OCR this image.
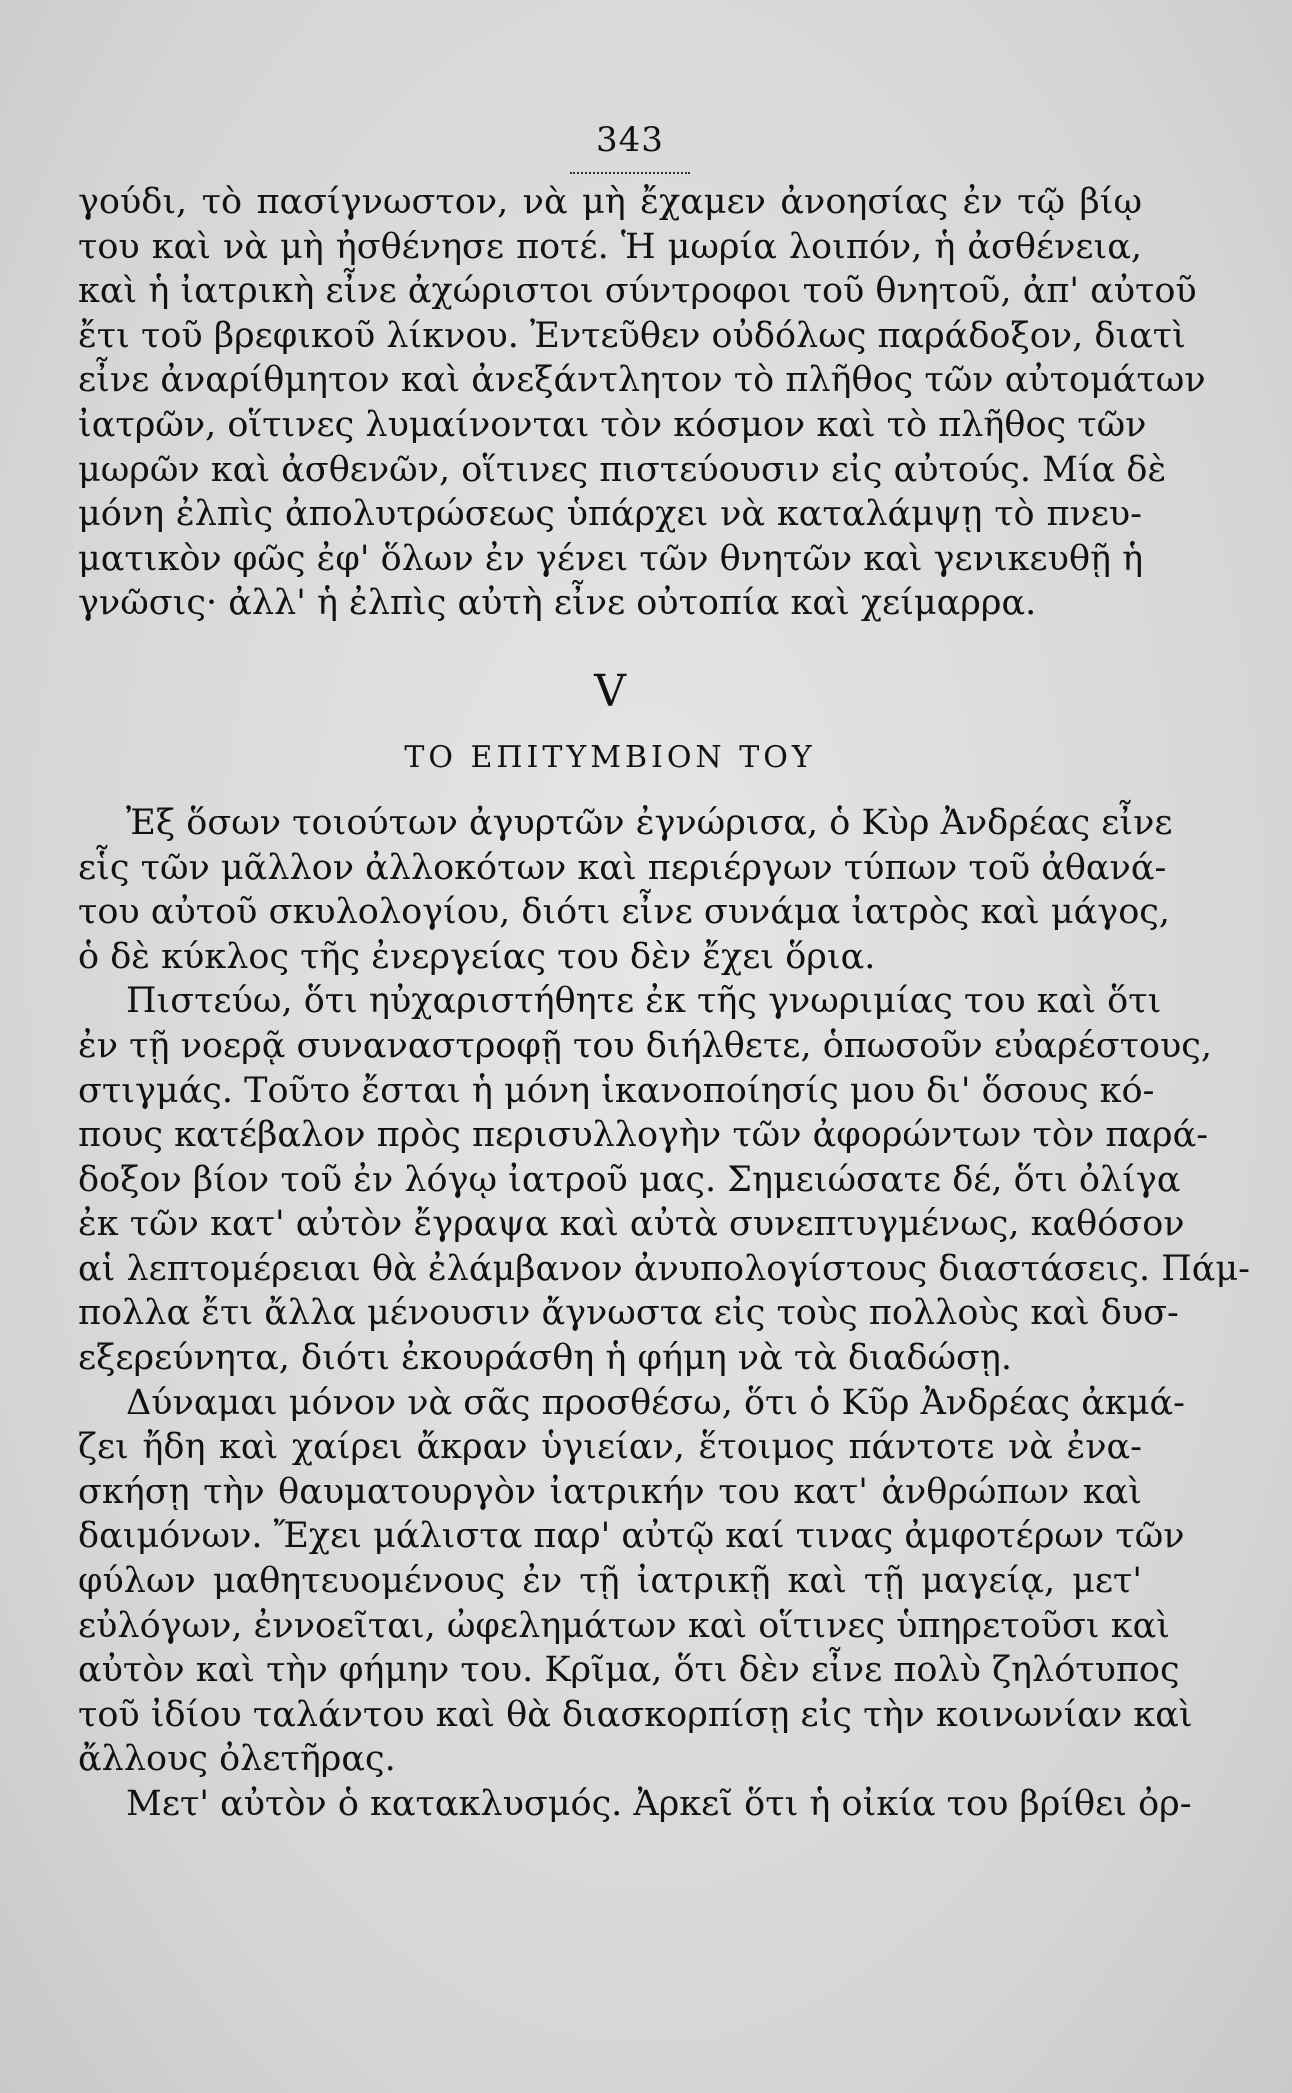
343
γούδι, τὸ πασίγνωστον, νὰ μὴ ἔχαμεν ἀνοησίας ἐν τῷ βίῳ
του καὶ νὰ μὴ ἠσθένησε ποτέ. Ἡ μωρία λοιπόν, ἡ ἀσθένεια,
καὶ ἡ ἰατρικὴ εἶνε ἀχώριστοι σύντροφοι τοῦ θνητοῦ, ἀπ' αὐτοῦ
ἔτι τοῦ βρεφικοῦ λίκνου. Ἐντεῦθεν οὐδόλως παράδοξον, διατὶ
εἶνε ἀναρίθμητον καὶ ἀνεξάντλητον τὸ πλῆθος τῶν αὐτομάτων
ἰατρῶν, οἵτινες λυμαίνονται τὸν κόσμον καὶ τὸ πλῆθος τῶν
μωρῶν καὶ ἀσθενῶν, οἵτινες πιστεύουσιν εἰς αὐτούς. Μία δὲ
μόνη ἐλπὶς ἀπολυτρώσεως ὑπάρχει νὰ καταλάμψῃ τὸ πνευ-
ματικὸν φῶς ἐφ' ὅλων ἐν γένει τῶν θνητῶν καὶ γενικευθῇ ἡ
γνῶσις· ἀλλ' ἡ ἐλπὶς αὐτὴ εἶνε οὐτοπία καὶ χείμαρρα.
V
ΤΟ ΕΠΙΤΥΜΒΙΟΝ ΤΟΥ
Ἐξ ὅσων τοιούτων ἀγυρτῶν ἐγνώρισα, ὁ Κὺρ Ἀνδρέας εἶνε
εἷς τῶν μᾶλλον ἀλλοκότων καὶ περιέργων τύπων τοῦ ἀθανά-
του αὐτοῦ σκυλολογίου, διότι εἶνε συνάμα ἰατρὸς καὶ μάγος,
ὁ δὲ κύκλος τῆς ἐνεργείας του δὲν ἔχει ὅρια.
Πιστεύω, ὅτι ηὐχαριστήθητε ἐκ τῆς γνωριμίας του καὶ ὅτι
ἐν τῇ νοερᾷ συναναστροφῇ του διήλθετε, ὁπωσοῦν εὐαρέστους,
στιγμάς. Τοῦτο ἔσται ἡ μόνη ἱκανοποίησίς μου δι' ὅσους κό-
πους κατέβαλον πρὸς περισυλλογὴν τῶν ἀφορώντων τὸν παρά-
δοξον βίον τοῦ ἐν λόγῳ ἰατροῦ μας. Σημειώσατε δέ, ὅτι ὀλίγα
ἐκ τῶν κατ' αὐτὸν ἔγραψα καὶ αὐτὰ συνεπτυγμένως, καθόσον
αἱ λεπτομέρειαι θὰ ἐλάμβανον ἀνυπολογίστους διαστάσεις. Πάμ-
πολλα ἔτι ἄλλα μένουσιν ἄγνωστα εἰς τοὺς πολλοὺς καὶ δυσ-
εξερεύνητα, διότι ἐκουράσθη ἡ φήμη νὰ τὰ διαδώσῃ.
Δύναμαι μόνον νὰ σᾶς προσθέσω, ὅτι ὁ Κῦρ Ἀνδρέας ἀκμά-
ζει ἤδη καὶ χαίρει ἄκραν ὑγιείαν, ἕτοιμος πάντοτε νὰ ἐνα-
σκήσῃ τὴν θαυματουργὸν ἰατρικήν του κατ' ἀνθρώπων καὶ
δαιμόνων. Ἔχει μάλιστα παρ' αὐτῷ καί τινας ἀμφοτέρων τῶν
φύλων μαθητευομένους ἐν τῇ ἰατρικῇ καὶ τῇ μαγείᾳ, μετ'
εὐλόγων, ἐννοεῖται, ὠφελημάτων καὶ οἵτινες ὑπηρετοῦσι καὶ
αὐτὸν καὶ τὴν φήμην του. Κρῖμα, ὅτι δὲν εἶνε πολὺ ζηλότυπος
τοῦ ἰδίου ταλάντου καὶ θὰ διασκορπίσῃ εἰς τὴν κοινωνίαν καὶ
ἄλλους ὀλετῆρας.
Μετ' αὐτὸν ὁ κατακλυσμός. Ἀρκεῖ ὅτι ἡ οἰκία του βρίθει ὀρ-
